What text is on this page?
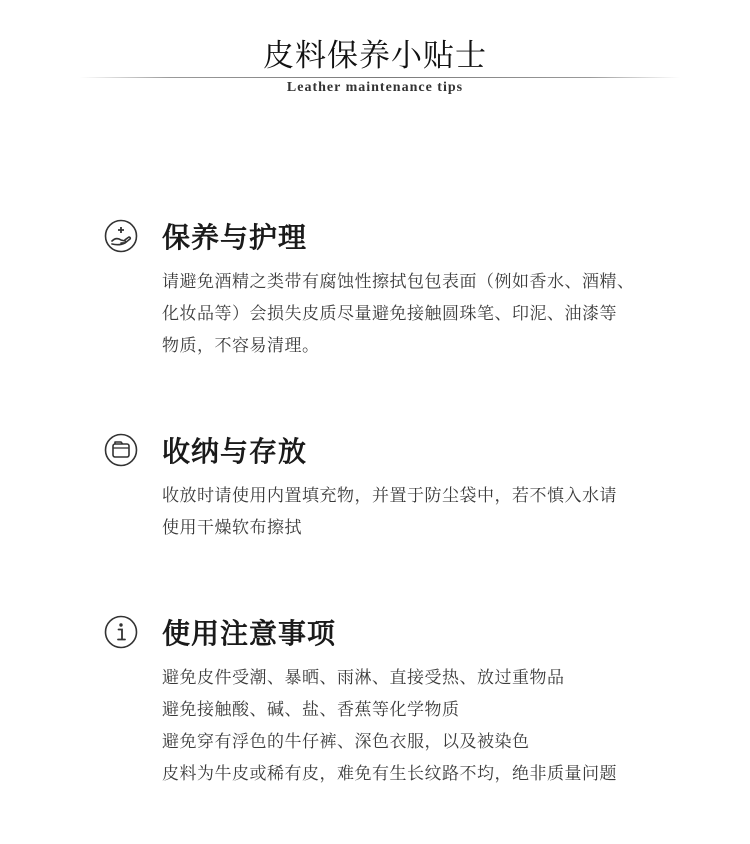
皮料保养小贴士
Leather maintenance tips
保养与护理
请避免酒精之类带有腐蚀性擦拭包包表面（例如香水、酒精、
化妆品等）会损失皮质尽量避免接触圆珠笔、印泥、油漆等
物质，不容易清理。
收纳与存放
收放时请使用内置填充物，并置于防尘袋中，若不慎入水请
使用干燥软布擦拭
使用注意事项
避免皮件受潮、暴晒、雨淋、直接受热、放过重物品
避免接触酸、碱、盐、香蕉等化学物质
避免穿有浮色的牛仔裤、深色衣服，以及被染色
皮料为牛皮或稀有皮，难免有生长纹路不均，绝非质量问题
